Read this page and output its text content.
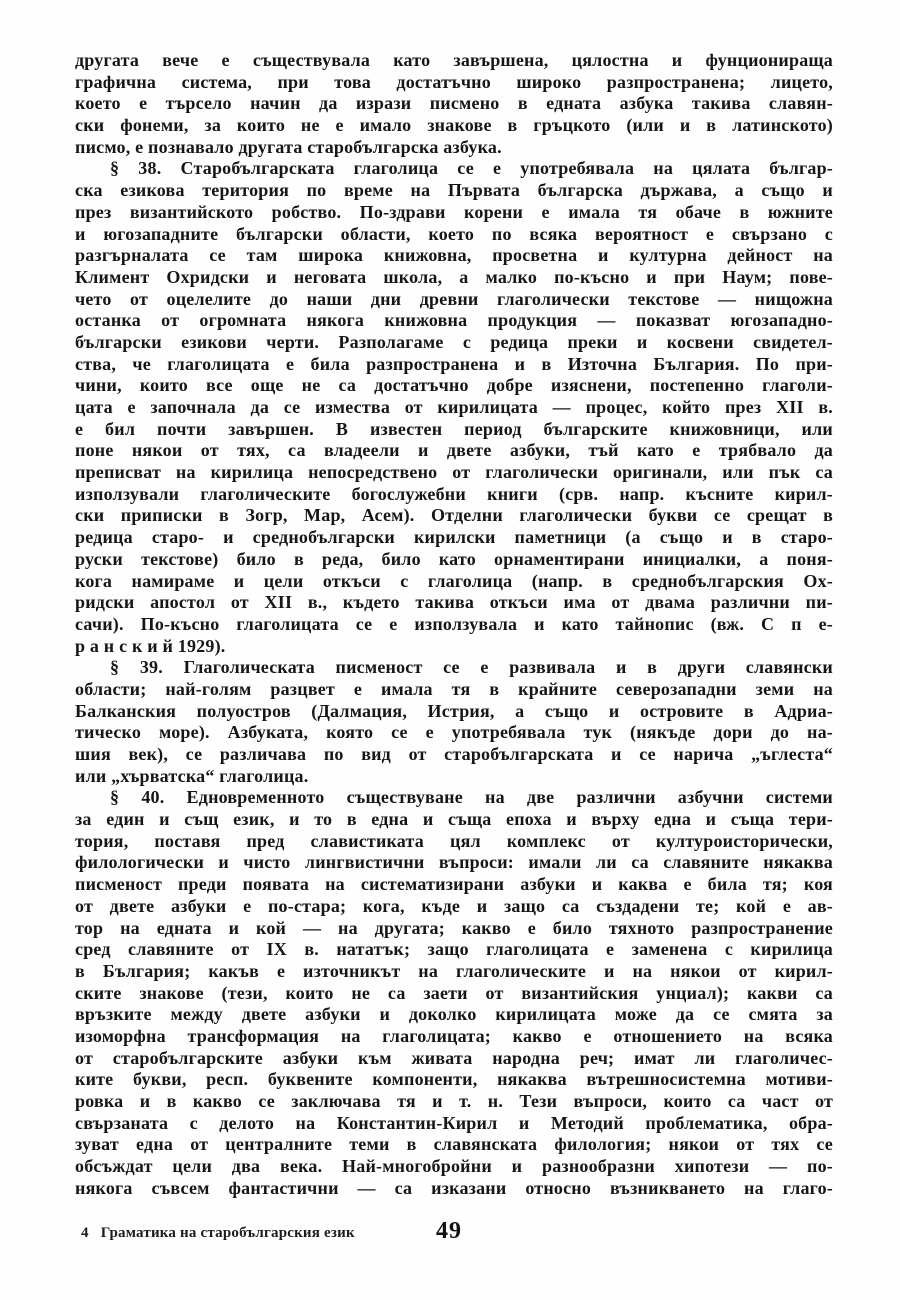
другата вече е съществувала като завършена, цялостна и фунционираща
графична система, при това достатъчно широко разпространена; лицето,
което е търсело начин да изрази писмено в едната азбука такива славян-
ски фонеми, за които не е имало знакове в гръцкото (или и в латинското)
писмо, е познавало другата старобългарска азбука.
§ 38. Старобългарската глаголица се е употребявала на цялата българ-
ска езикова територия по време на Първата българска държава, а също и
през византийското робство. По-здрави корени е имала тя обаче в южните
и югозападните български области, което по всяка вероятност е свързано с
разгърналата се там широка книжовна, просветна и културна дейност на
Климент Охридски и неговата школа, а малко по-късно и при Наум; пове-
чето от оцелелите до наши дни древни глаголически текстове — нищожна
останка от огромната някога книжовна продукция — показват югозападно-
български езикови черти. Разполагаме с редица преки и косвени свидетел-
ства, че глаголицата е била разпространена и в Източна България. По при-
чини, които все още не са достатъчно добре изяснени, постепенно глаголи-
цата е започнала да се измества от кирилицата — процес, който през XII в.
е бил почти завършен. В известен период българските книжовници, или
поне някои от тях, са владеели и двете азбуки, тъй като е трябвало да
преписват на кирилица непосредствено от глаголически оригинали, или пък са
използували глаголическите богослужебни книги (срв. напр. късните кирил-
ски приписки в Зогр, Мар, Асем). Отделни глаголически букви се срещат в
редица старо- и среднобългарски кирилски паметници (а също и в старо-
руски текстове) било в реда, било като орнаментирани инициалки, а поня-
кога намираме и цели откъси с глаголица (напр. в среднобългарския Ох-
ридски апостол от XII в., където такива откъси има от двама различни пи-
сачи). По-късно глаголицата се е използувала и като тайнопис (вж. С п е-
р а н с к и й 1929).
§ 39. Глаголическата писменост се е развивала и в други славянски
области; най-голям разцвет е имала тя в крайните северозападни земи на
Балканския полуостров (Далмация, Истрия, а също и островите в Адриа-
тическо море). Азбуката, която се е употребявала тук (някъде дори до на-
шия век), се различава по вид от старобългарската и се нарича „ъглеста“
или „хърватска“ глаголица.
§ 40. Едновременното съществуване на две различни азбучни системи
за един и същ език, и то в една и съща епоха и върху една и съща тери-
тория, поставя пред славистиката цял комплекс от културоисторически,
филологически и чисто лингвистични въпроси: имали ли са славяните някаква
писменост преди появата на систематизирани азбуки и каква е била тя; коя
от двете азбуки е по-стара; кога, къде и защо са създадени те; кой е ав-
тор на едната и кой — на другата; какво е било тяхното разпространение
сред славяните от IX в. нататък; защо глаголицата е заменена с кирилица
в България; какъв е източникът на глаголическите и на някои от кирил-
ските знакове (тези, които не са заети от византийския унциал); какви са
връзките между двете азбуки и доколко кирилицата може да се смята за
изоморфна трансформация на глаголицата; какво е отношението на всяка
от старобългарските азбуки към живата народна реч; имат ли глаголичес-
ките букви, респ. буквените компоненти, някаква вътрешносистемна мотиви-
ровка и в какво се заключава тя и т. н. Тези въпроси, които са част от
свързаната с делото на Константин-Кирил и Методий проблематика, обра-
зуват една от централните теми в славянската филология; някои от тях се
обсъждат цели два века. Най-многобройни и разнообразни хипотези — по-
някога съвсем фантастични — са изказани относно възникването на глаго-
4 Граматика на старобългарския език	49
